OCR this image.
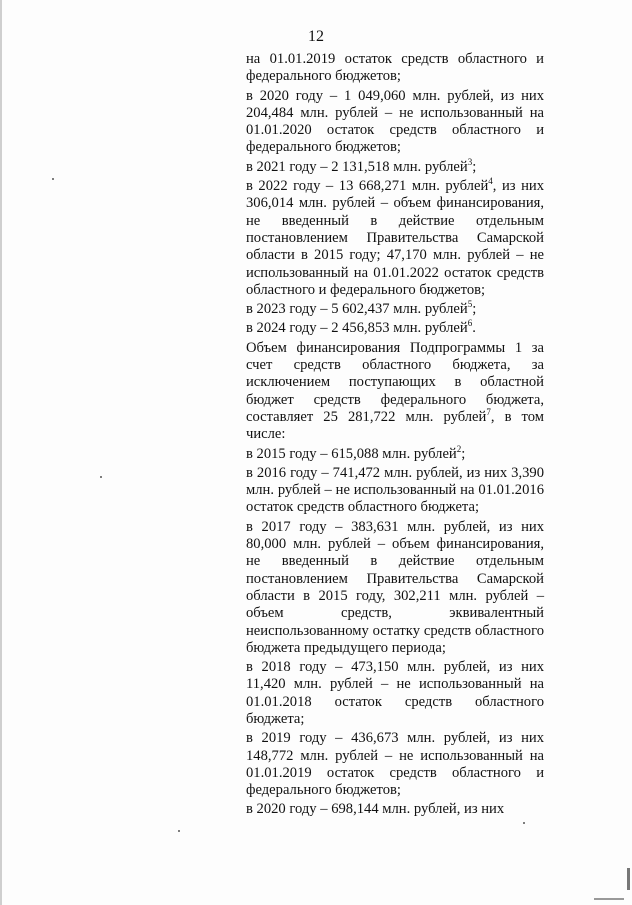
12

на 01.01.2019 остаток средств областного и федерального бюджетов;

в 2020 году – 1 049,060 млн. рублей, из них 204,484 млн. рублей – не использованный на 01.01.2020 остаток средств областного и федерального бюджетов;

в 2021 году – 2 131,518 млн. рублей$^3$;

в 2022 году – 13 668,271 млн. рублей$^4$, из них 306,014 млн. рублей – объем финансирования, не введенный в действие отдельным постановлением Правительства Самарской области в 2015 году; 47,170 млн. рублей – не использованный на 01.01.2022 остаток средств областного и федерального бюджетов;

в 2023 году – 5 602,437 млн. рублей$^5$;

в 2024 году – 2 456,853 млн. рублей$^6$.

Объем финансирования Подпрограммы 1 за счет средств областного бюджета, за исключением поступающих в областной бюджет средств федерального бюджета, составляет 25 281,722 млн. рублей$^7$, в том числе:

в 2015 году – 615,088 млн. рублей$^2$;

в 2016 году – 741,472 млн. рублей, из них 3,390 млн. рублей – не использованный на 01.01.2016 остаток средств областного бюджета;

в 2017 году – 383,631 млн. рублей, из них 80,000 млн. рублей – объем финансирования, не введенный в действие отдельным постановлением Правительства Самарской области в 2015 году, 302,211 млн. рублей – объем средств, эквивалентный неиспользованному остатку средств областного бюджета предыдущего периода;

в 2018 году – 473,150 млн. рублей, из них 11,420 млн. рублей – не использованный на 01.01.2018 остаток средств областного бюджета;

в 2019 году – 436,673 млн. рублей, из них 148,772 млн. рублей – не использованный на 01.01.2019 остаток средств областного и федерального бюджетов;

в 2020 году – 698,144 млн. рублей, из них
